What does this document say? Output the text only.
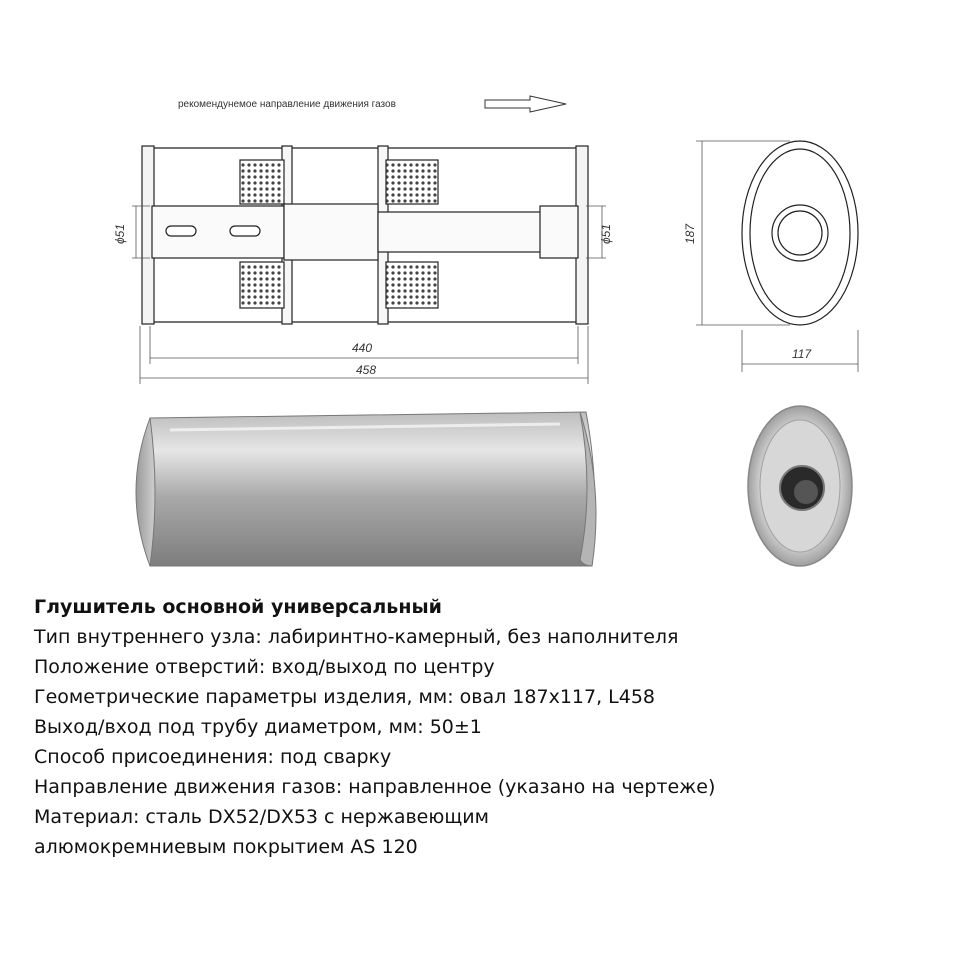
рекомендунемое направление движения газов
ϕ51	ϕ51
440
458
187
117
Глушитель основной универсальный
Тип внутреннего узла: лабиринтно-камерный, без наполнителя
Положение отверстий: вход/выход по центру
Геометрические параметры изделия, мм: овал 187x117, L458
Выход/вход под трубу диаметром, мм: 50±1
Способ присоединения: под сварку
Направление движения газов: направленное (указано на чертеже)
Материал: сталь DX52/DX53 с нержавеющим
алюмокремниевым покрытием AS 120
